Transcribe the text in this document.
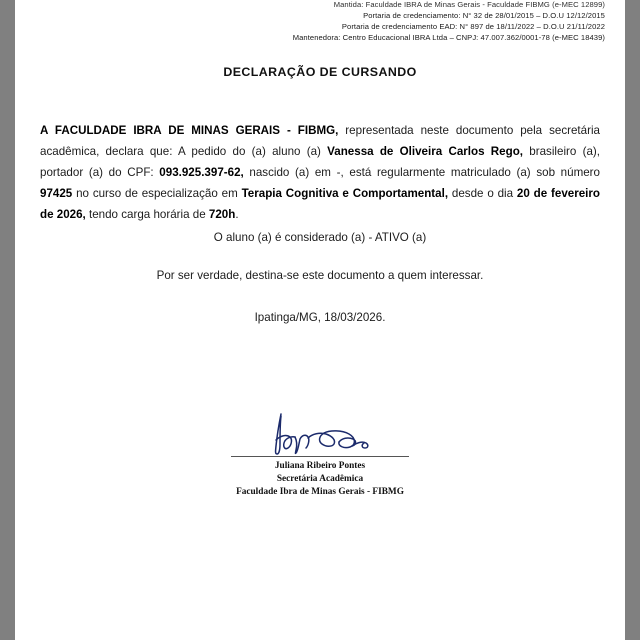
Mantida: Faculdade IBRA de Minas Gerais - Faculdade FIBMG (e-MEC 12899)
Portaria de credenciamento: N° 32 de 28/01/2015 – D.O.U 12/12/2015
Portaria de credenciamento EAD: N° 897 de 18/11/2022 – D.O.U 21/11/2022
Mantenedora: Centro Educacional IBRA Ltda – CNPJ: 47.007.362/0001-78 (e-MEC 18439)
DECLARAÇÃO DE CURSANDO

A FACULDADE IBRA DE MINAS GERAIS - FIBMG, representada neste documento pela secretária acadêmica, declara que: A pedido do (a) aluno (a) Vanessa de Oliveira Carlos Rego, brasileiro (a), portador (a) do CPF: 093.925.397-62, nascido (a) em -, está regularmente matriculado (a) sob número 97425 no curso de especialização em Terapia Cognitiva e Comportamental, desde o dia 20 de fevereiro de 2026, tendo carga horária de 720h.

O aluno (a) é considerado (a) - ATIVO (a)
Por ser verdade, destina-se este documento a quem interessar.
Ipatinga/MG, 18/03/2026.
Juliana Ribeiro Pontes
Secretária Acadêmica
Faculdade Ibra de Minas Gerais - FIBMG
